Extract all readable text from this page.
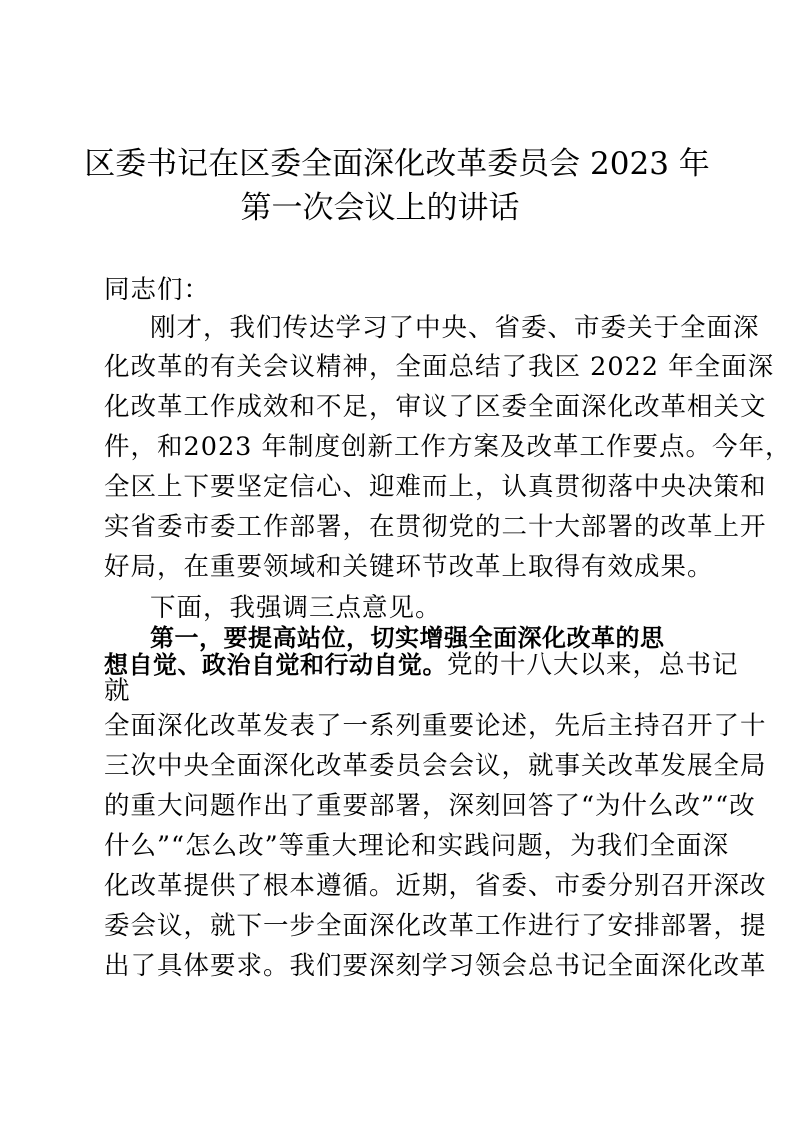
区委书记在区委全面深化改革委员会 2023 年
第一次会议上的讲话
同志们：
刚才，我们传达学习了中央、省委、市委关于全面深
化改革的有关会议精神，全面总结了我区 2022 年全面深
化改革工作成效和不足，审议了区委全面深化改革相关文
件，和2023 年制度创新工作方案及改革工作要点。今年，
全区上下要坚定信心、迎难而上，认真贯彻落中央决策和
实省委市委工作部署，在贯彻党的二十大部署的改革上开
好局，在重要领域和关键环节改革上取得有效成果。
下面，我强调三点意见。
第一，要提高站位，切实增强全面深化改革的思
想自觉、政治自觉和行动自觉。党的十八大以来，总书记
就
全面深化改革发表了一系列重要论述，先后主持召开了十
三次中央全面深化改革委员会会议，就事关改革发展全局
的重大问题作出了重要部署，深刻回答了“为什么改”“改
什么”“怎么改”等重大理论和实践问题，为我们全面深
化改革提供了根本遵循。近期，省委、市委分别召开深改
委会议，就下一步全面深化改革工作进行了安排部署，提
出了具体要求。我们要深刻学习领会总书记全面深化改革
